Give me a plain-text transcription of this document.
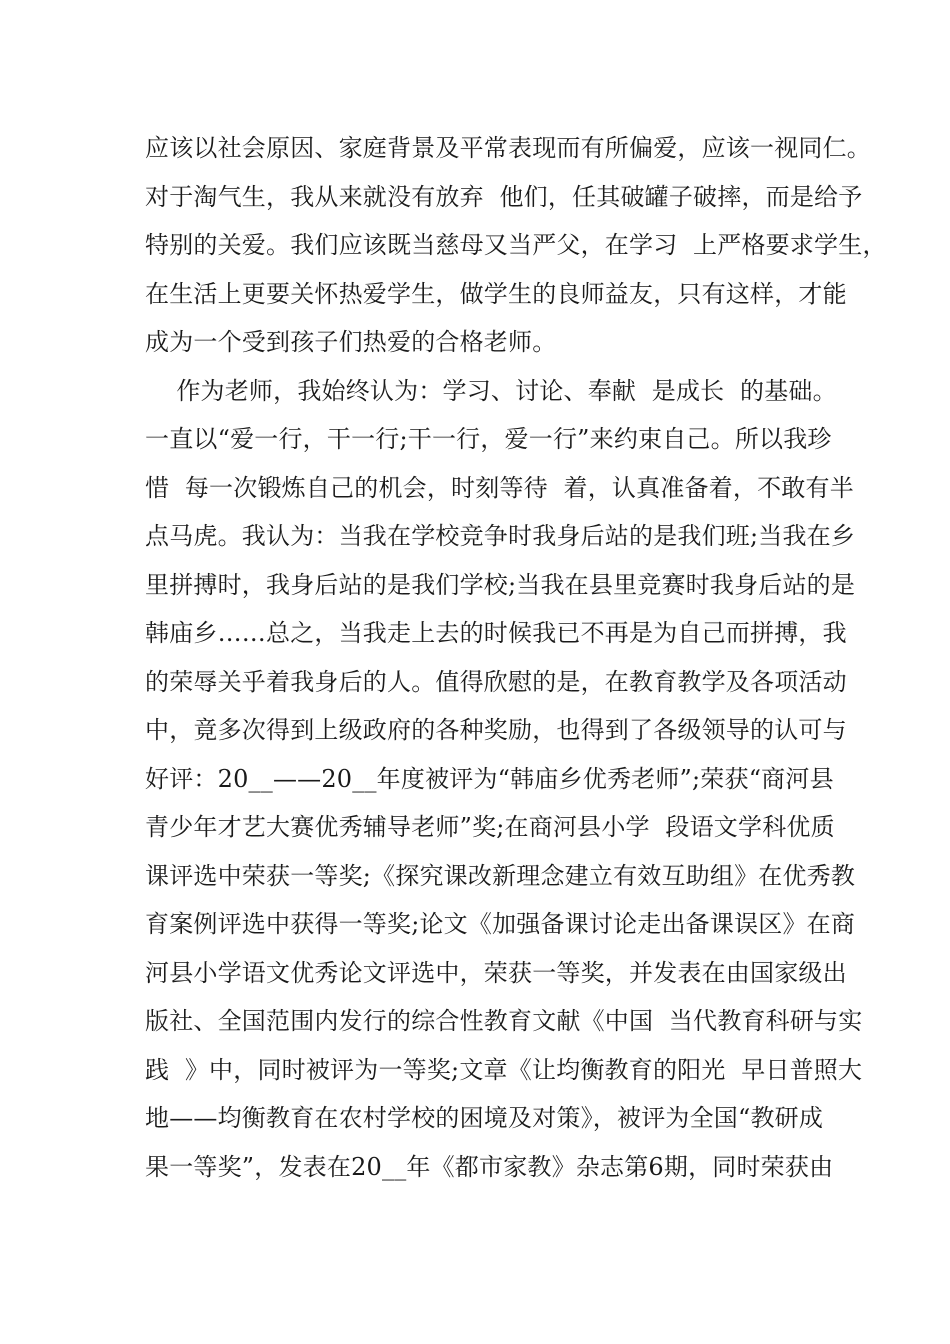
应该以社会原因、家庭背景及平常表现而有所偏爱，应该一视同仁。
对于淘气生，我从来就没有放弃  他们，任其破罐子破摔，而是给予
特别的关爱。我们应该既当慈母又当严父，在学习  上严格要求学生，
在生活上更要关怀热爱学生，做学生的良师益友，只有这样，才能
成为一个受到孩子们热爱的合格老师。
作为老师，我始终认为：学习、讨论、奉献  是成长  的基础。
一直以“爱一行，干一行;干一行，爱一行”来约束自己。所以我珍
惜  每一次锻炼自己的机会，时刻等待  着，认真准备着，不敢有半
点马虎。我认为：当我在学校竞争时我身后站的是我们班;当我在乡
里拼搏时，我身后站的是我们学校;当我在县里竞赛时我身后站的是
韩庙乡……总之，当我走上去的时候我已不再是为自己而拼搏，我
的荣辱关乎着我身后的人。值得欣慰的是，在教育教学及各项活动
中，竟多次得到上级政府的各种奖励，也得到了各级领导的认可与
好评：20__——20__年度被评为“韩庙乡优秀老师”;荣获“商河县
青少年才艺大赛优秀辅导老师”奖;在商河县小学  段语文学科优质
课评选中荣获一等奖;《探究课改新理念建立有效互助组》在优秀教
育案例评选中获得一等奖;论文《加强备课讨论走出备课误区》在商
河县小学语文优秀论文评选中，荣获一等奖，并发表在由国家级出
版社、全国范围内发行的综合性教育文献《中国  当代教育科研与实
践  》中，同时被评为一等奖;文章《让均衡教育的阳光  早日普照大
地——均衡教育在农村学校的困境及对策》，被评为全国“教研成
果一等奖”，发表在20__年《都市家教》杂志第6期，同时荣获由
